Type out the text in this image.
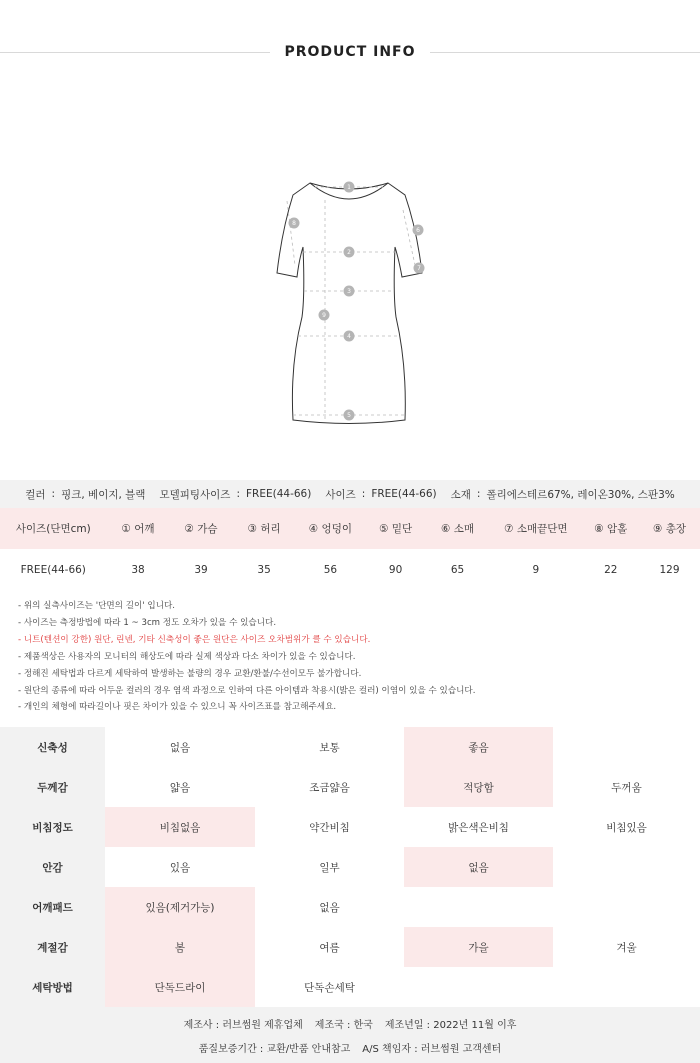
PRODUCT INFO
1
2
3
4
5
6
7
8
9
컬러 : 핑크, 베이지, 블랙 모델피팅사이즈 : FREE(44-66) 사이즈 : FREE(44-66) 소재 : 폴리에스테르67%, 레이온30%, 스판3%
사이즈(단면cm)	① 어깨	② 가슴	③ 허리	④ 엉덩이	⑤ 밑단	⑥ 소매	⑦ 소매끝단면	⑧ 암홀	⑨ 총장
FREE(44-66)	38	39	35	56	90	65	9	22	129
- 위의 실측사이즈는 '단면의 길이' 입니다.
- 사이즈는 측정방법에 따라 1 ~ 3cm 정도 오차가 있을 수 있습니다.
- 니트(텐션이 강한) 원단, 린넨, 기타 신축성이 좋은 원단은 사이즈 오차범위가 클 수 있습니다.
- 제품색상은 사용자의 모니터의 해상도에 따라 실제 색상과 다소 차이가 있을 수 있습니다.
- 정해진 세탁법과 다르게 세탁하여 발생하는 불량의 경우 교환/환불/수선이모두 불가합니다.
- 원단의 종류에 따라 어두운 컬러의 경우 염색 과정으로 인하여 다른 아이템과 착용시(밝은 컬러) 이염이 있을 수 있습니다.
- 개인의 체형에 따라길이나 핏은 차이가 있을 수 있으니 꼭 사이즈표를 참고해주세요.
신축성	없음	보통	좋음
두께감	얇음	조금얇음	적당함	두꺼움
비침정도	비침없음	약간비침	밝은색은비침	비침있음
안감	있음	일부	없음
어깨패드	있음(제거가능)	없음
계절감	봄	여름	가을	겨울
세탁방법	단독드라이	단독손세탁
제조사 : 러브썸원 제휴업체 제조국 : 한국 제조년일 : 2022년 11월 이후
품질보증기간 : 교환/반품 안내참고 A/S 책임자 : 러브썸원 고객센터
